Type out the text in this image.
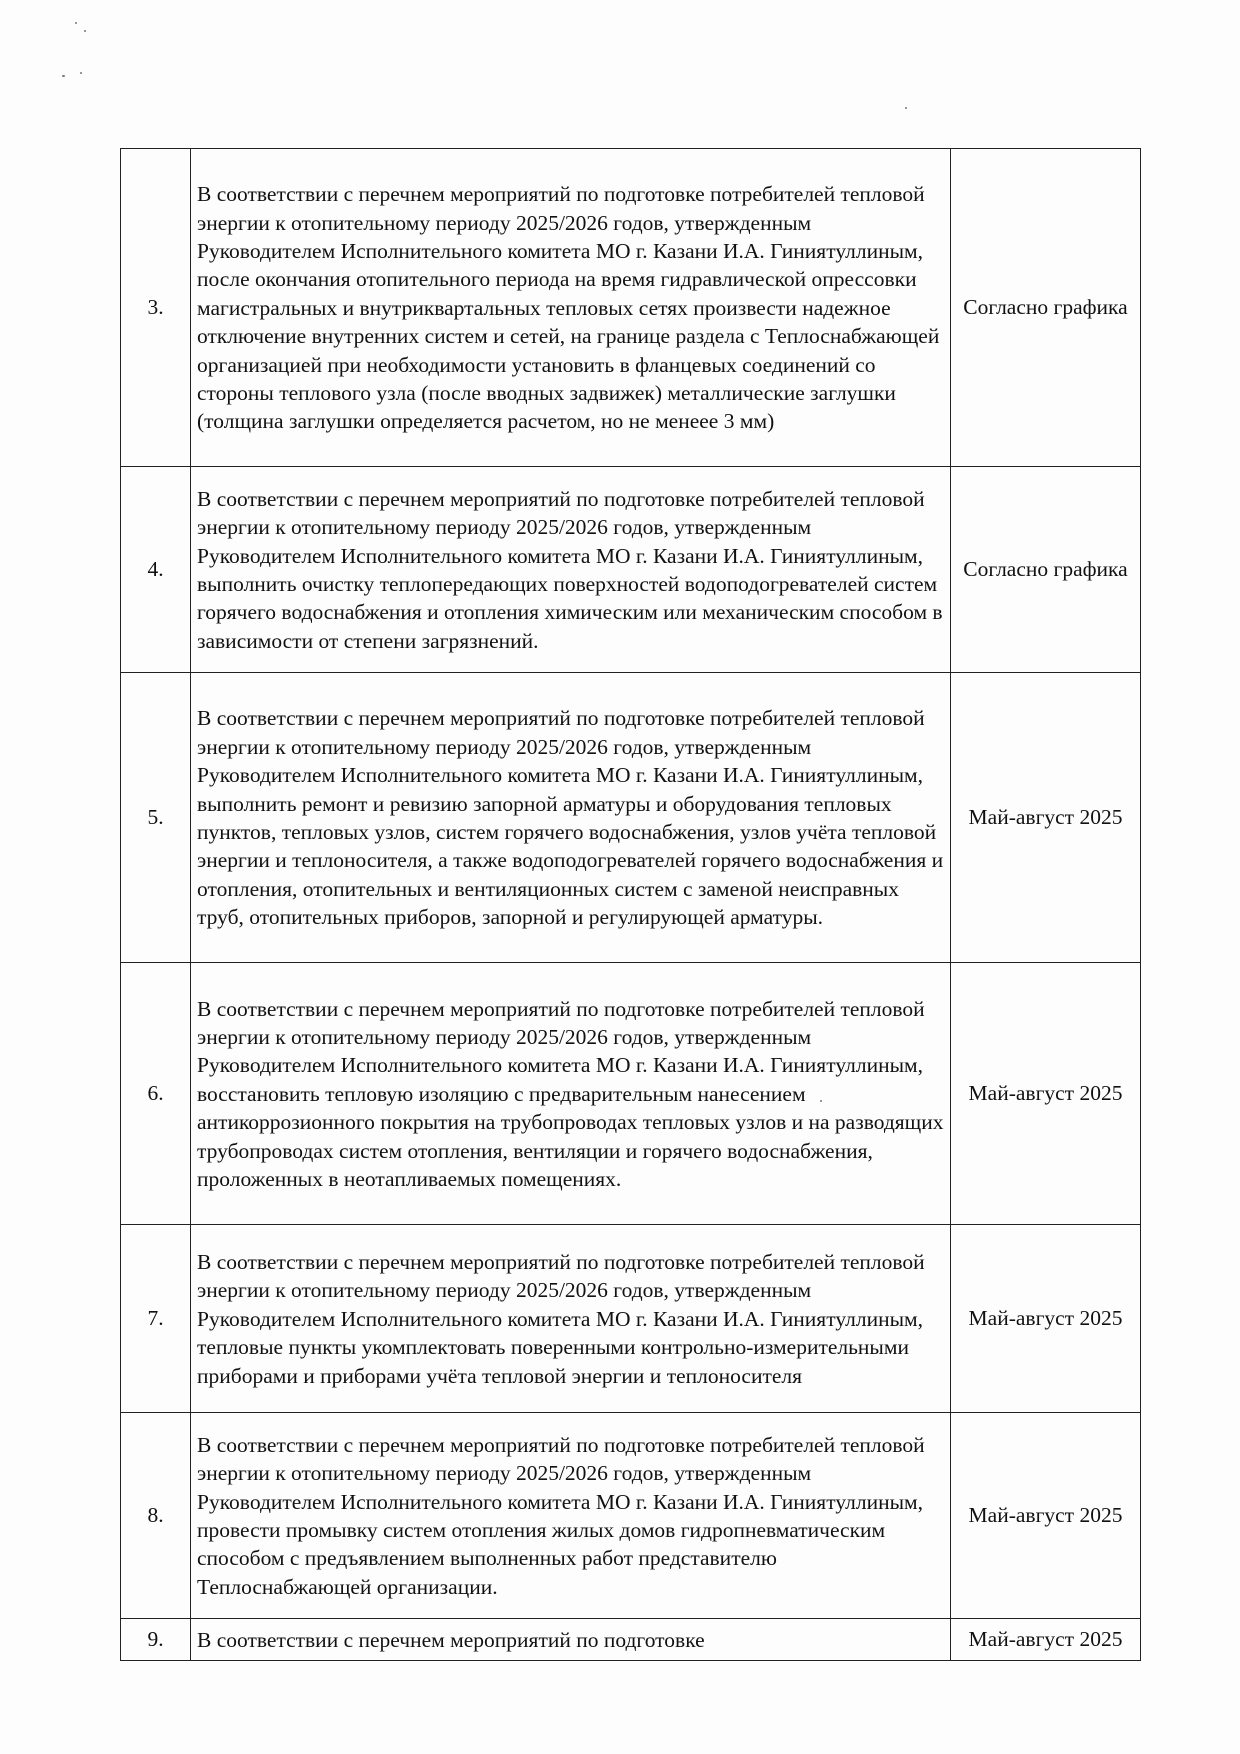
3.	В соответствии с перечнем мероприятий по подготовке потребителей тепловой энергии к отопительному периоду 2025/2026 годов, утвержденным Руководителем Исполнительного комитета МО г. Казани И.А. Гиниятуллиным, после окончания отопительного периода на время гидравлической опрессовки магистральных и внутриквартальных тепловых сетях произвести надежное отключение внутренних систем и сетей, на границе раздела с Теплоснабжающей организацией при необходимости установить в фланцевых соединений со стороны теплового узла (после вводных задвижек) металлические заглушки (толщина заглушки определяется расчетом, но не менеее 3 мм)	Согласно графика
4.	В соответствии с перечнем мероприятий по подготовке потребителей тепловой энергии к отопительному периоду 2025/2026 годов, утвержденным Руководителем Исполнительного комитета МО г. Казани И.А. Гиниятуллиным, выполнить очистку теплопередающих поверхностей водоподогревателей систем горячего водоснабжения и отопления химическим или механическим способом в зависимости от степени загрязнений.	Согласно графика
5.	В соответствии с перечнем мероприятий по подготовке потребителей тепловой энергии к отопительному периоду 2025/2026 годов, утвержденным Руководителем Исполнительного комитета МО г. Казани И.А. Гиниятуллиным, выполнить ремонт и ревизию запорной арматуры и оборудования тепловых пунктов, тепловых узлов, систем горячего водоснабжения, узлов учёта тепловой энергии и теплоносителя, а также водоподогревателей горячего водоснабжения и отопления, отопительных и вентиляционных систем с заменой неисправных труб, отопительных приборов, запорной и регулирующей арматуры.	Май-август 2025
6.	В соответствии с перечнем мероприятий по подготовке потребителей тепловой энергии к отопительному периоду 2025/2026 годов, утвержденным Руководителем Исполнительного комитета МО г. Казани И.А. Гиниятуллиным, восстановить тепловую изоляцию с предварительным нанесением антикоррозионного покрытия на трубопроводах тепловых узлов и на разводящих трубопроводах систем отопления, вентиляции и горячего водоснабжения, проложенных в неотапливаемых помещениях.	Май-август 2025
7.	В соответствии с перечнем мероприятий по подготовке потребителей тепловой энергии к отопительному периоду 2025/2026 годов, утвержденным Руководителем Исполнительного комитета МО г. Казани И.А. Гиниятуллиным, тепловые пункты укомплектовать поверенными контрольно-измерительными приборами и приборами учёта тепловой энергии и теплоносителя	Май-август 2025
8.	В соответствии с перечнем мероприятий по подготовке потребителей тепловой энергии к отопительному периоду 2025/2026 годов, утвержденным Руководителем Исполнительного комитета МО г. Казани И.А. Гиниятуллиным, провести промывку систем отопления жилых домов гидропневматическим способом с предъявлением выполненных работ представителю Теплоснабжающей организации.	Май-август 2025
9.	В соответствии с перечнем мероприятий по подготовке	Май-август 2025
